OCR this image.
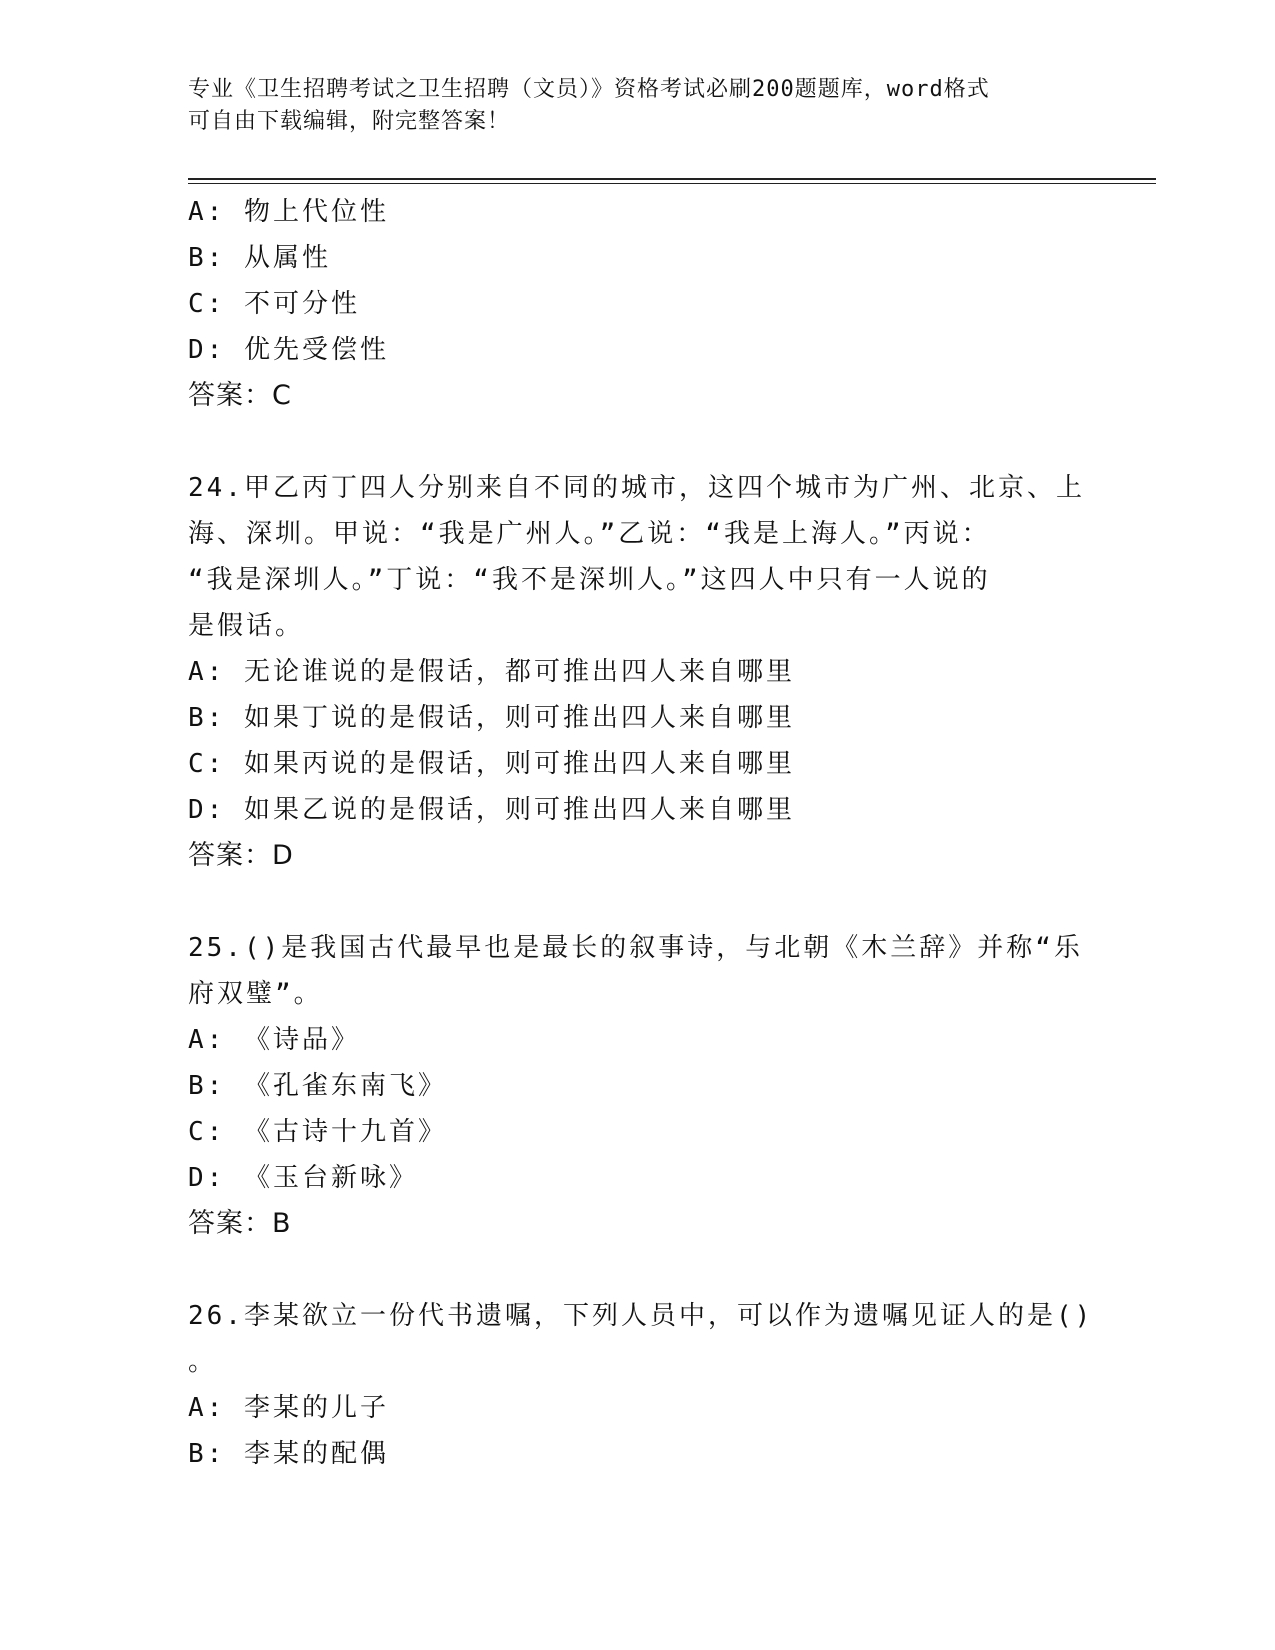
专业《卫生招聘考试之卫生招聘（文员）》资格考试必刷200题题库，word格式
可自由下载编辑，附完整答案！
A: 物上代位性
B: 从属性
C: 不可分性
D: 优先受偿性
答案：C
24.甲乙丙丁四人分别来自不同的城市，这四个城市为广州、北京、上
海、深圳。甲说：“我是广州人。”乙说：“我是上海人。”丙说：
“我是深圳人。”丁说：“我不是深圳人。”这四人中只有一人说的
是假话。
A: 无论谁说的是假话，都可推出四人来自哪里
B: 如果丁说的是假话，则可推出四人来自哪里
C: 如果丙说的是假话，则可推出四人来自哪里
D: 如果乙说的是假话，则可推出四人来自哪里
答案：D
25.()是我国古代最早也是最长的叙事诗，与北朝《木兰辞》并称“乐
府双璧”。
A: 《诗品》
B: 《孔雀东南飞》
C: 《古诗十九首》
D: 《玉台新咏》
答案：B
26.李某欲立一份代书遗嘱，下列人员中，可以作为遗嘱见证人的是()
。
A: 李某的儿子
B: 李某的配偶
